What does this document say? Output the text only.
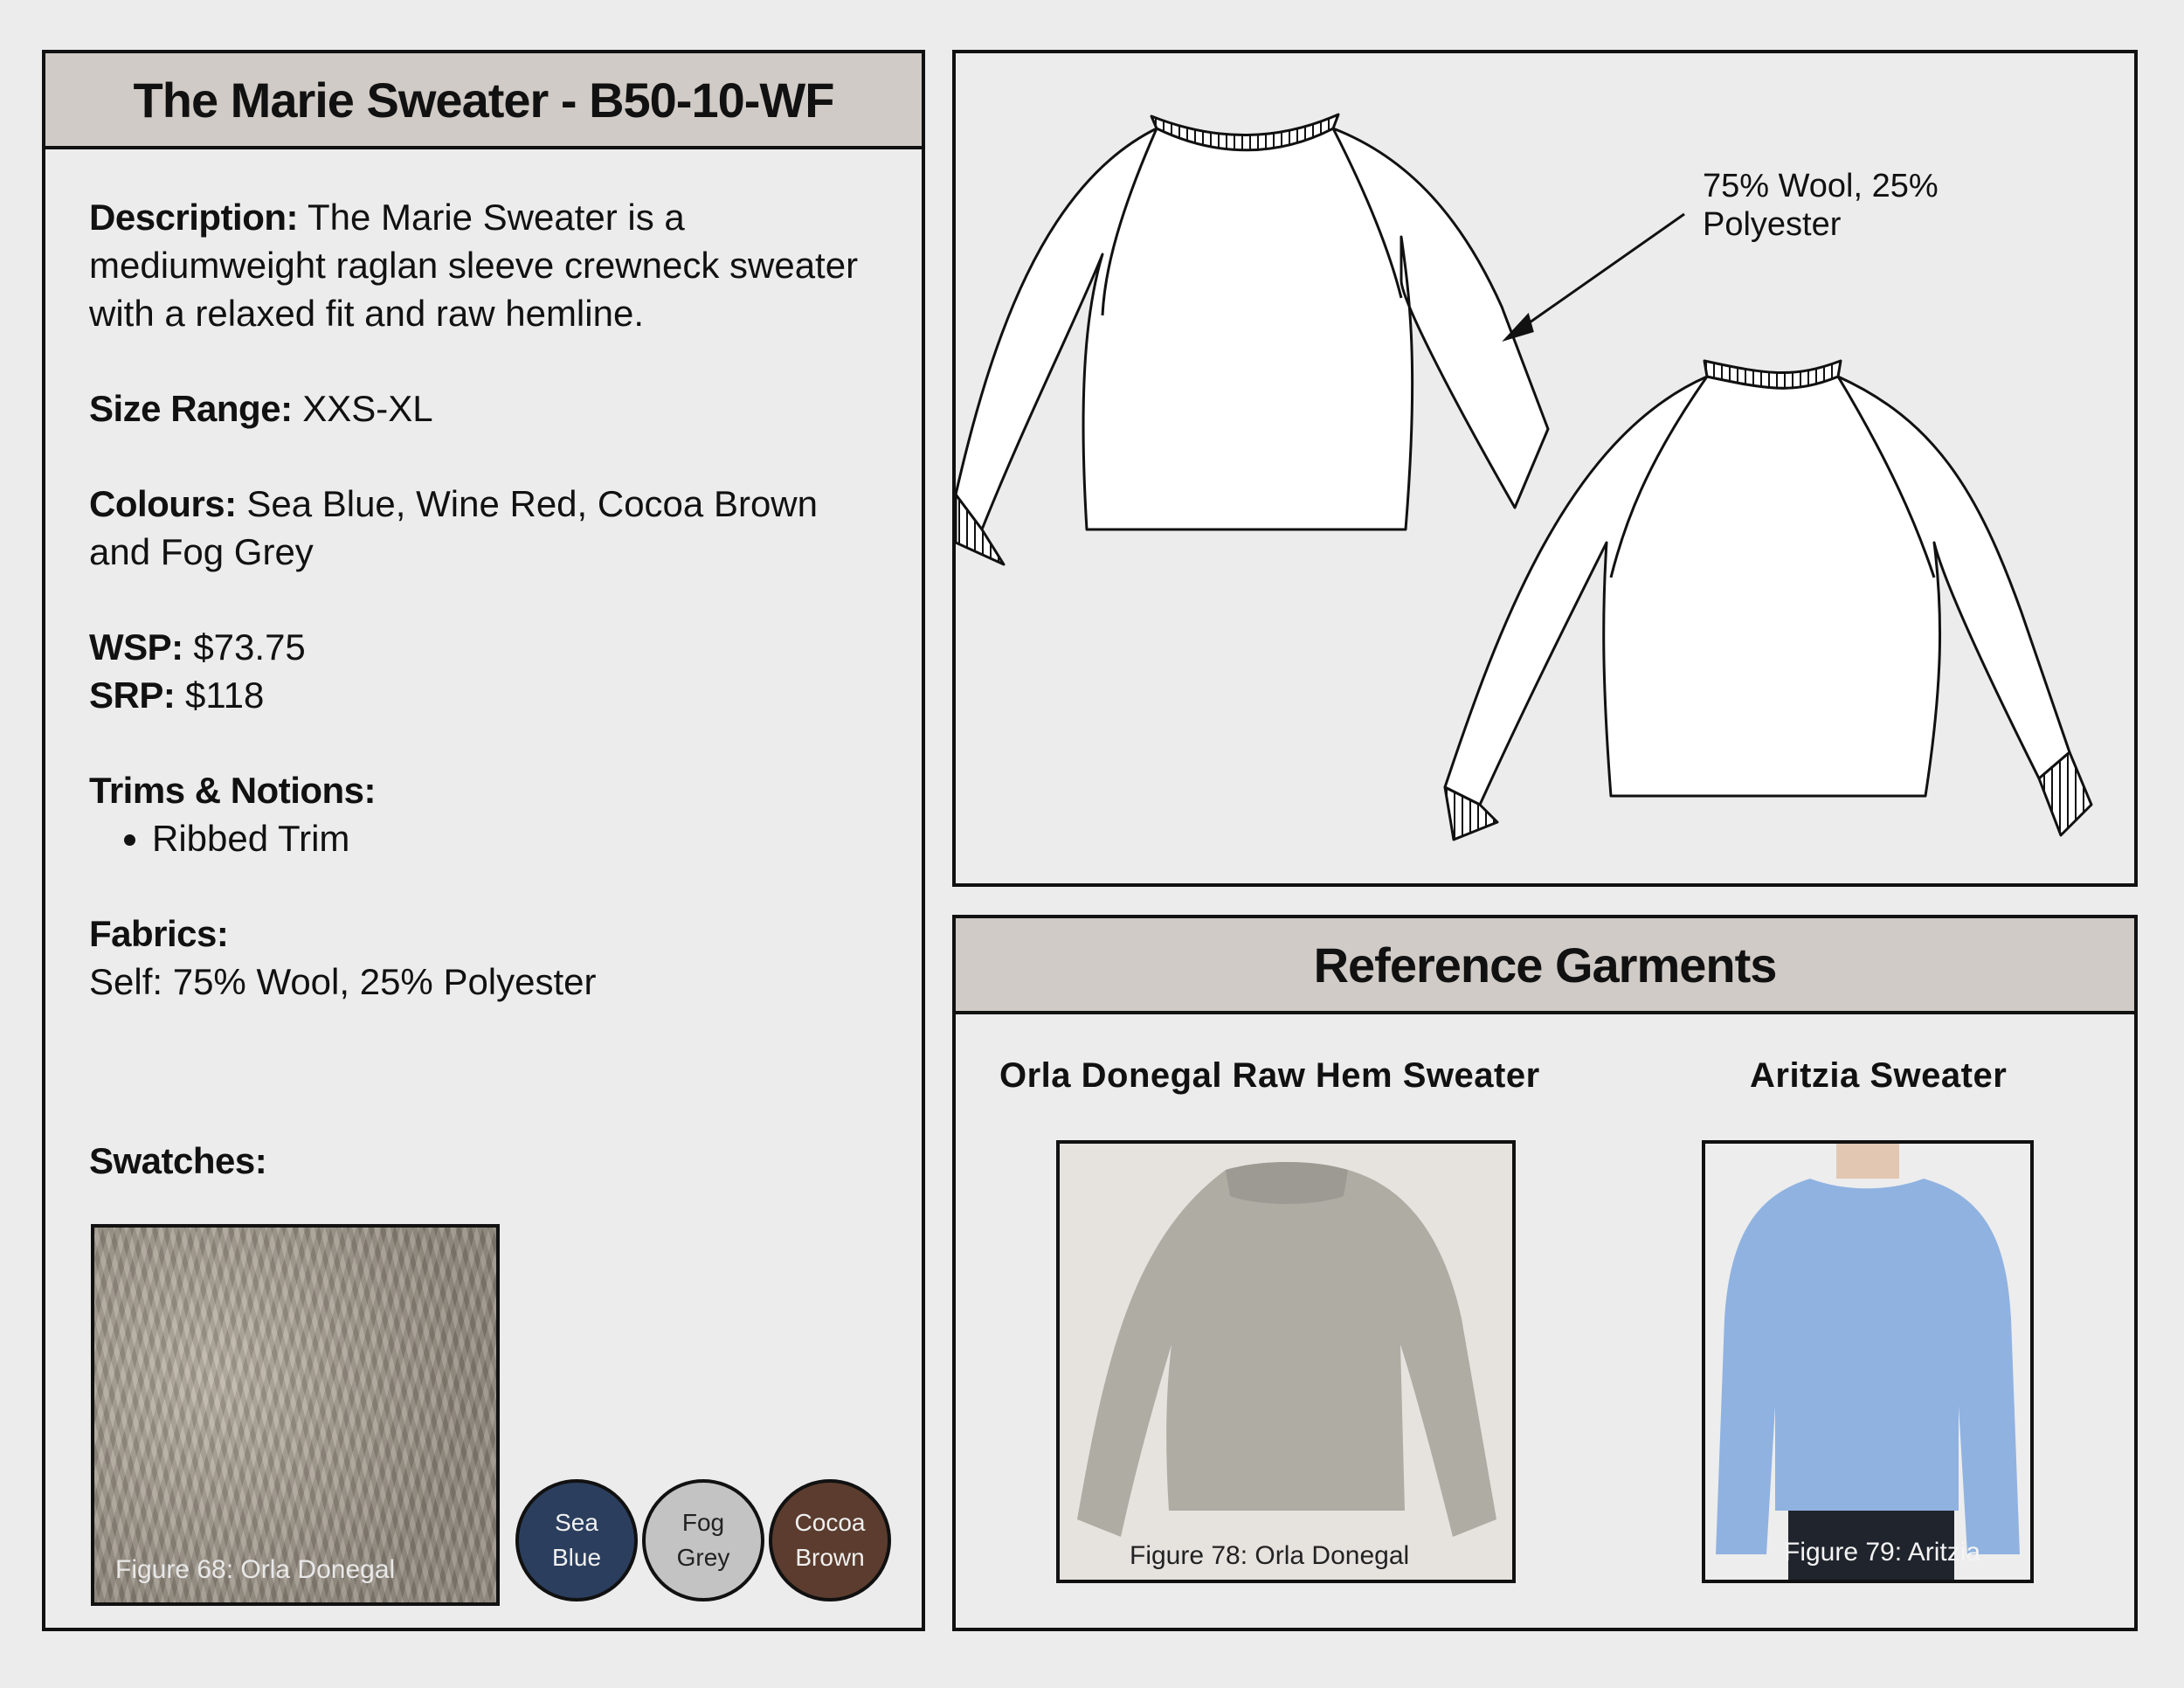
The Marie Sweater - B50-10-WF

Description: The Marie Sweater is a mediumweight raglan sleeve crewneck sweater with a relaxed fit and raw hemline.

Size Range: XXS-XL

Colours: Sea Blue, Wine Red, Cocoa Brown and Fog Grey

WSP: $73.75

SRP: $118

Trims & Notions:

• Ribbed Trim

Fabrics:

Self: 75% Wool, 25% Polyester

Swatches:
Figure 68: Orla Donegal
Sea
Blue
Fog
Grey
Cocoa
Brown
75% Wool, 25% Polyester
Reference Garments
Orla Donegal Raw Hem Sweater	Aritzia Sweater
Figure 78: Orla Donegal	Figure 79: Aritzia
